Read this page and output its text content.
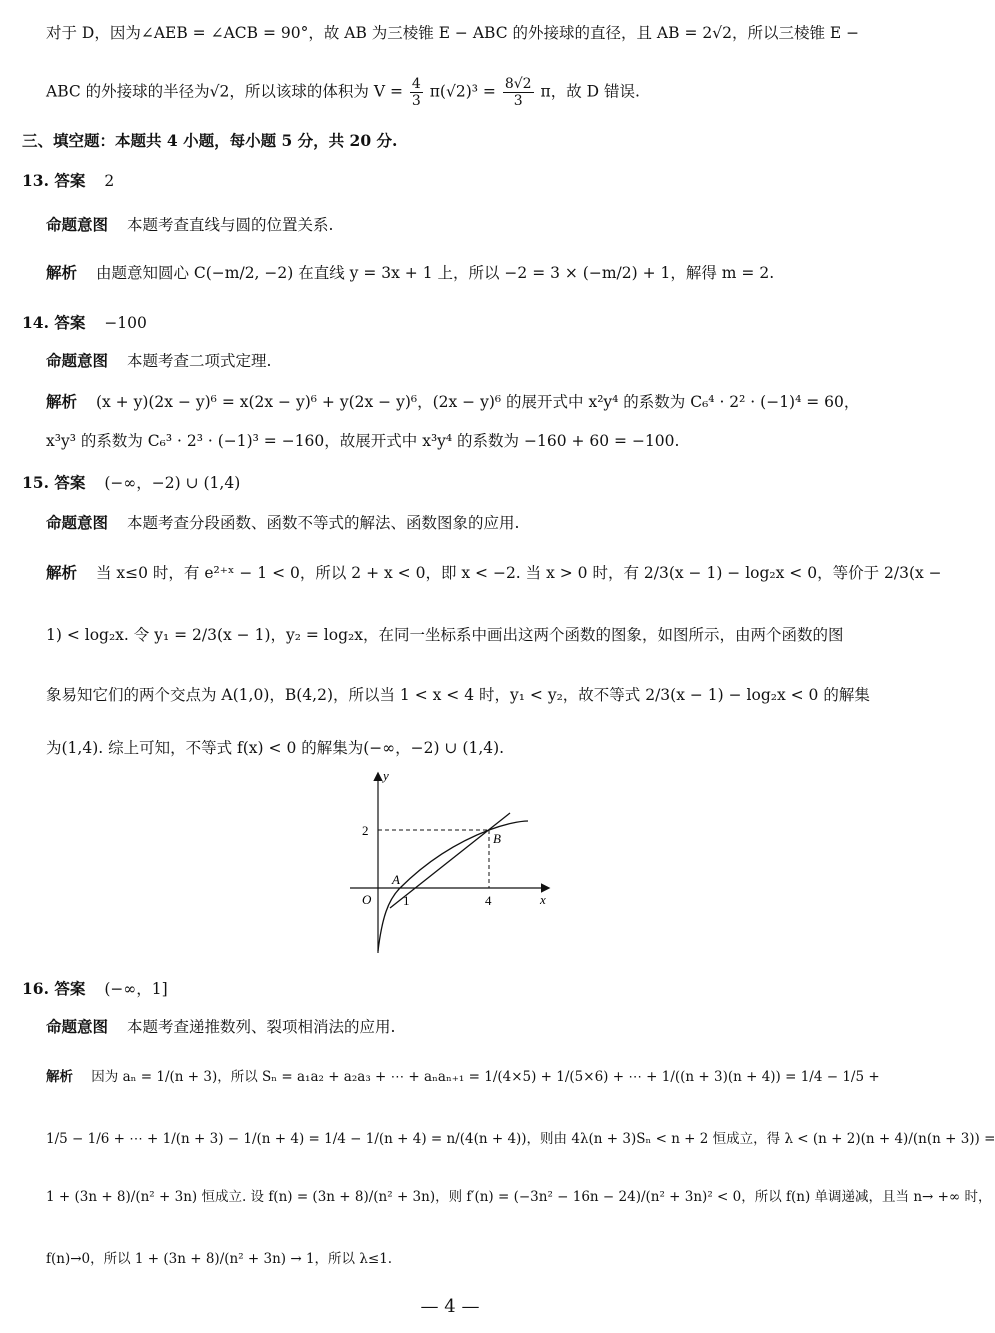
对于 D，因为∠AEB = ∠ACB = 90°，故 AB 为三棱锥 E − ABC 的外接球的直径，且 AB = 2√2，所以三棱锥 E −
ABC 的外接球的半径为√2，所以该球的体积为 $V = \frac{4}{3} \pi(√2)^3 = \frac{8√2}{3}$ π，故 D 错误.
三、填空题：本题共 4 小题，每小题 5 分，共 20 分.
13. 答案 2
命题意图 本题考查直线与圆的位置关系.
解析 由题意知圆心 C(−m/2, −2) 在直线 y = 3x + 1 上，所以 −2 = 3 × (−m/2) + 1，解得 m = 2.
14. 答案 −100
命题意图 本题考查二项式定理.
解析 (x + y)(2x − y)⁶ = x(2x − y)⁶ + y(2x − y)⁶，(2x − y)⁶ 的展开式中 x²y⁴ 的系数为 C₆⁴ · 2² · (−1)⁴ = 60，
x³y³ 的系数为 C₆³ · 2³ · (−1)³ = −160，故展开式中 x³y⁴ 的系数为 −160 + 60 = −100.
15. 答案 (−∞，−2) ∪ (1,4)
命题意图 本题考查分段函数、函数不等式的解法、函数图象的应用.
解析 当 x≤0 时，有 e²⁺ˣ − 1 < 0，所以 2 + x < 0，即 x < −2. 当 x > 0 时，有 2/3(x − 1) − log₂x < 0，等价于 2/3(x −
1) < log₂x. 令 y₁ = 2/3(x − 1)，y₂ = log₂x，在同一坐标系中画出这两个函数的图象，如图所示，由两个函数的图
象易知它们的两个交点为 A(1,0)，B(4,2)，所以当 1 < x < 4 时，y₁ < y₂，故不等式 2/3(x − 1) − log₂x < 0 的解集
为(1,4). 综上可知，不等式 f(x) < 0 的解集为(−∞，−2) ∪ (1,4).
y
x
O 1	4
2
A
B
16. 答案 (−∞，1]
命题意图 本题考查递推数列、裂项相消法的应用.
解析 因为 aₙ = 1/(n + 3)，所以 Sₙ = a₁a₂ + a₂a₃ + ⋯ + aₙaₙ₊₁ = 1/(4×5) + 1/(5×6) + ⋯ + 1/((n + 3)(n + 4)) = 1/4 − 1/5 +
1/5 − 1/6 + ⋯ + 1/(n + 3) − 1/(n + 4) = 1/4 − 1/(n + 4) = n/(4(n + 4))，则由 4λ(n + 3)Sₙ < n + 2 恒成立，得 λ < (n + 2)(n + 4)/(n(n + 3)) =
1 + (3n + 8)/(n² + 3n) 恒成立. 设 f(n) = (3n + 8)/(n² + 3n)，则 f′(n) = (−3n² − 16n − 24)/(n² + 3n)² < 0，所以 f(n) 单调递减，且当 n→ +∞ 时，
f(n)→0，所以 1 + (3n + 8)/(n² + 3n) → 1，所以 λ≤1.
— 4 —
